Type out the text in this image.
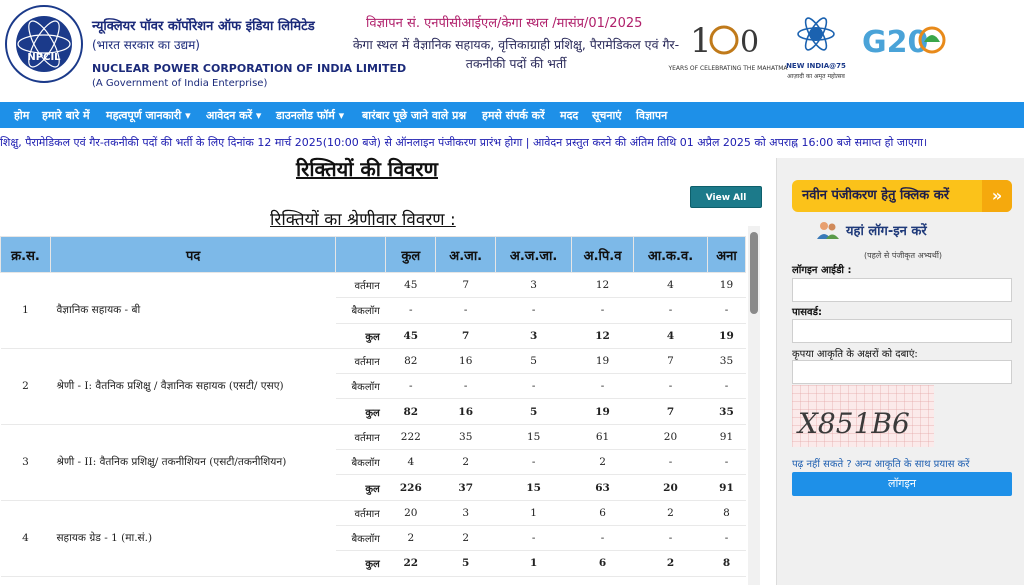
NPCIL
न्यूक्लियर पॉवर कॉर्पोरेशन ऑफ इंडिया लिमिटेड
(भारत सरकार का उद्यम)
NUCLEAR POWER CORPORATION OF INDIA LIMITED
(A Government of India Enterprise)
विज्ञापन सं. एनपीसीआईएल/केगा स्थल /मासंप्र/01/2025
केगा स्थल में वैज्ञानिक सहायक, वृत्तिकाग्राही प्रशिक्षु, पैरामेडिकल एवं गैर-तकनीकी पदों की भर्ती
1 0
YEARS OF CELEBRATING THE MAHATMA
NEW INDIA@75
आज़ादी का अमृत महोत्सव
G20
होम हमारे बारे में महत्वपूर्ण जानकारी ▾ आवेदन करें ▾ डाउनलोड फॉर्म ▾ बारंबार पूछे जाने वाले प्रश्न हमसे संपर्क करें मदद सूचनाएं विज्ञापन
शिक्षु, पैरामेडिकल एवं गैर-तकनीकी पदों की भर्ती के लिए दिनांक 12 मार्च 2025(10:00 बजे) से ऑनलाइन पंजीकरण प्रारंभ होगा | आवेदन प्रस्तुत करने की अंतिम तिथि 01 अप्रैल 2025 को अपराह्न 16:00 बजे समाप्त हो जाएगा।
रिक्तियों की विवरण
View All
रिक्तियों का श्रेणीवार विवरण :
क्र.स.	पद		कुल	अ.जा.	अ.ज.जा.	अ.पि.व	आ.क.व.	अना
1	वैज्ञानिक सहायक - बी	वर्तमान	45	7	3	12	4	19
		बैकलॉग	-	-	-	-	-	-
		कुल	45	7	3	12	4	19
2	श्रेणी - I: वैतनिक प्रशिक्षु / वैज्ञानिक सहायक (एसटी/ एसए)	वर्तमान	82	16	5	19	7	35
		बैकलॉग	-	-	-	-	-	-
		कुल	82	16	5	19	7	35
3	श्रेणी - II: वैतनिक प्रशिक्षु/ तकनीशियन (एसटी/तकनीशियन)	वर्तमान	222	35	15	61	20	91
		बैकलॉग	4	2	-	2	-	-
		कुल	226	37	15	63	20	91
4	सहायक ग्रेड - 1 (मा.सं.)	वर्तमान	20	3	1	6	2	8
		बैकलॉग	2	2	-	-	-	-
		कुल	22	5	1	6	2	8
नवीन पंजीकरण हेतु क्लिक करें	»
यहां लॉग-इन करें
(पहले से पंजीकृत अभ्यर्थी)
लॉगइन आईडी :
पासवर्ड:
कृपया आकृति के अक्षरों को दबाएं:
X851B6
पढ़ नहीं सकते ? अन्य आकृति के साथ प्रयास करें
लॉगइन
